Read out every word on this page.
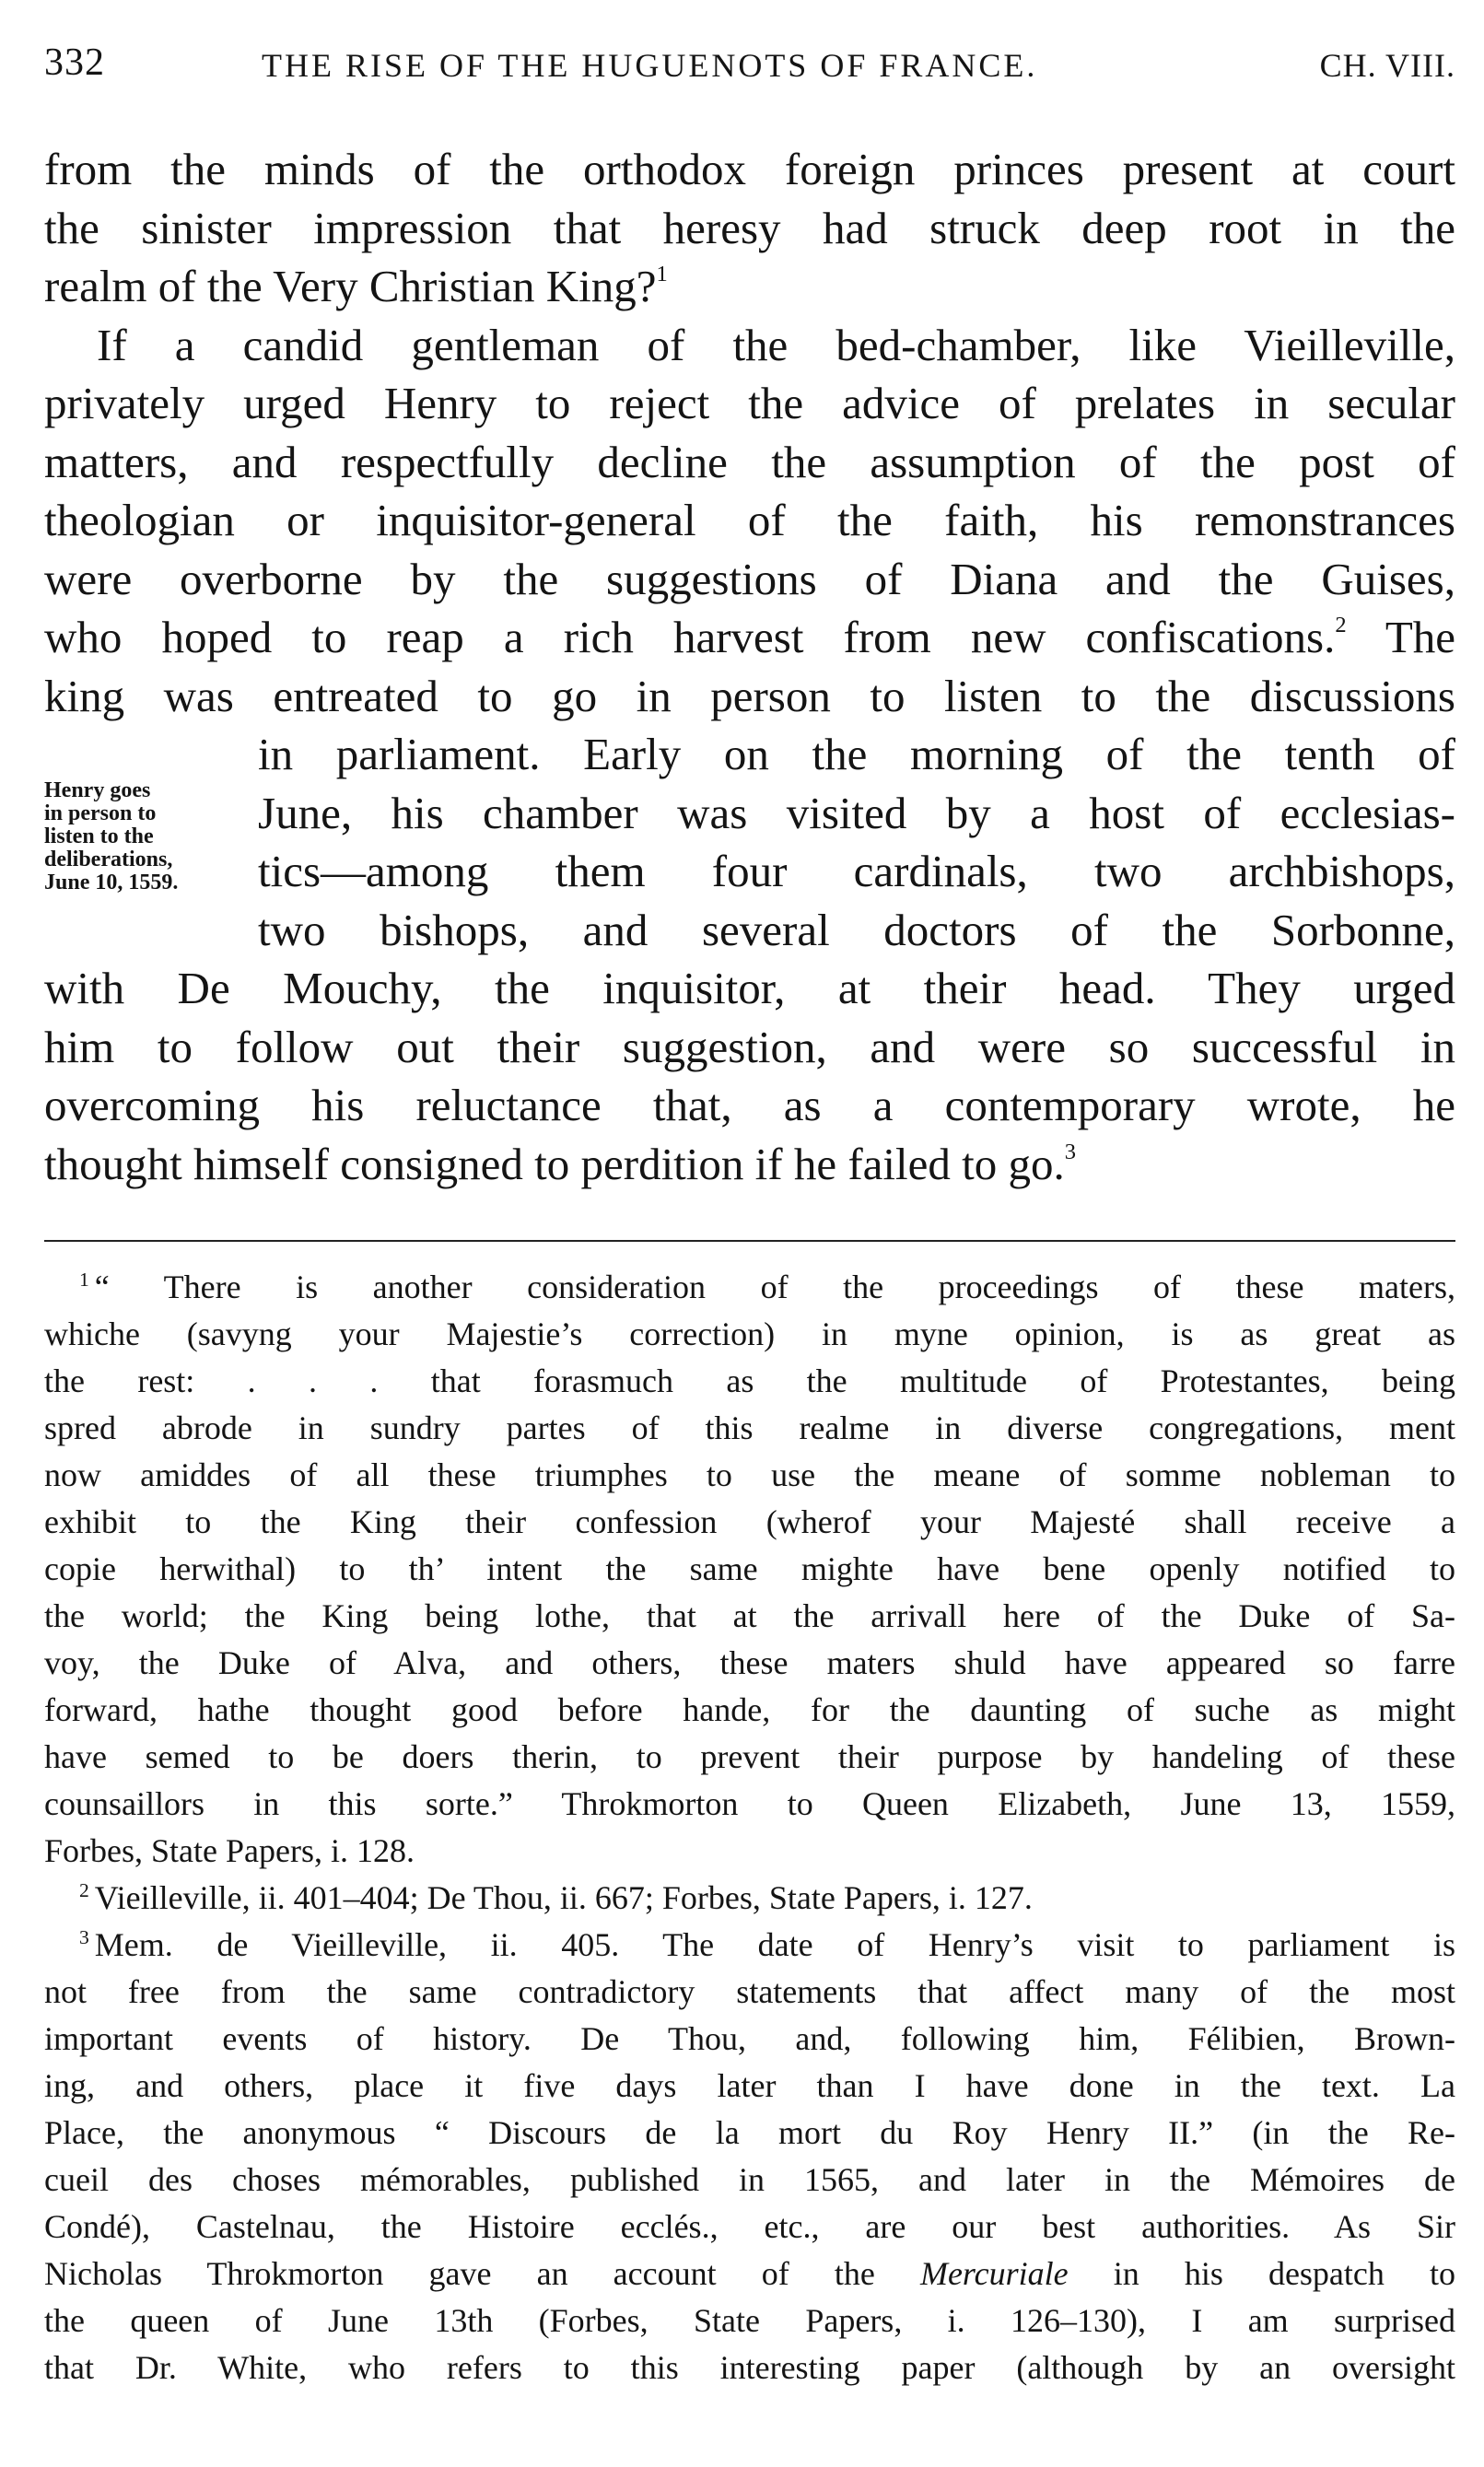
332	THE RISE OF THE HUGUENOTS OF FRANCE.	CH. VIII.
from the minds of the orthodox foreign princes present at court
the sinister impression that heresy had struck deep root in the
realm of the Very Christian King?$^1$
If a candid gentleman of the bed-chamber, like Vieilleville,
privately urged Henry to reject the advice of prelates in secular
matters, and respectfully decline the assumption of the post of
theologian or inquisitor-general of the faith, his remonstrances
were overborne by the suggestions of Diana and the Guises,
who hoped to reap a rich harvest from new confiscations.$^2$ The
king was entreated to go in person to listen to the discussions
in parliament. Early on the morning of the tenth of
June, his chamber was visited by a host of ecclesias-
tics—among them four cardinals, two archbishops,
two bishops, and several doctors of the Sorbonne,
with De Mouchy, the inquisitor, at their head. They urged
him to follow out their suggestion, and were so successful in
overcoming his reluctance that, as a contemporary wrote, he
thought himself consigned to perdition if he failed to go.$^3$
Henry goes
in person to
listen to the
deliberations,
June 10, 1559.
$^1$ “ There is another consideration of the proceedings of these maters,
whiche (savyng your Majestie’s correction) in myne opinion, is as great as
the rest: . . . that forasmuch as the multitude of Protestantes, being
spred abrode in sundry partes of this realme in diverse congregations, ment
now amiddes of all these triumphes to use the meane of somme nobleman to
exhibit to the King their confession (wherof your Majesté shall receive a
copie herwithal) to th’ intent the same mighte have bene openly notified to
the world; the King being lothe, that at the arrivall here of the Duke of Sa-
voy, the Duke of Alva, and others, these maters shuld have appeared so farre
forward, hathe thought good before hande, for the daunting of suche as might
have semed to be doers therin, to prevent their purpose by handeling of these
counsaillors in this sorte.” Throkmorton to Queen Elizabeth, June 13, 1559,
Forbes, State Papers, i. 128.
$^2$ Vieilleville, ii. 401–404; De Thou, ii. 667; Forbes, State Papers, i. 127.
$^3$ Mem. de Vieilleville, ii. 405. The date of Henry’s visit to parliament is
not free from the same contradictory statements that affect many of the most
important events of history. De Thou, and, following him, Félibien, Brown-
ing, and others, place it five days later than I have done in the text. La
Place, the anonymous “ Discours de la mort du Roy Henry II.” (in the Re-
cueil des choses mémorables, published in 1565, and later in the Mémoires de
Condé), Castelnau, the Histoire ecclés., etc., are our best authorities. As Sir
Nicholas Throkmorton gave an account of the Mercuriale in his despatch to
the queen of June 13th (Forbes, State Papers, i. 126–130), I am surprised
that Dr. White, who refers to this interesting paper (although by an oversight
